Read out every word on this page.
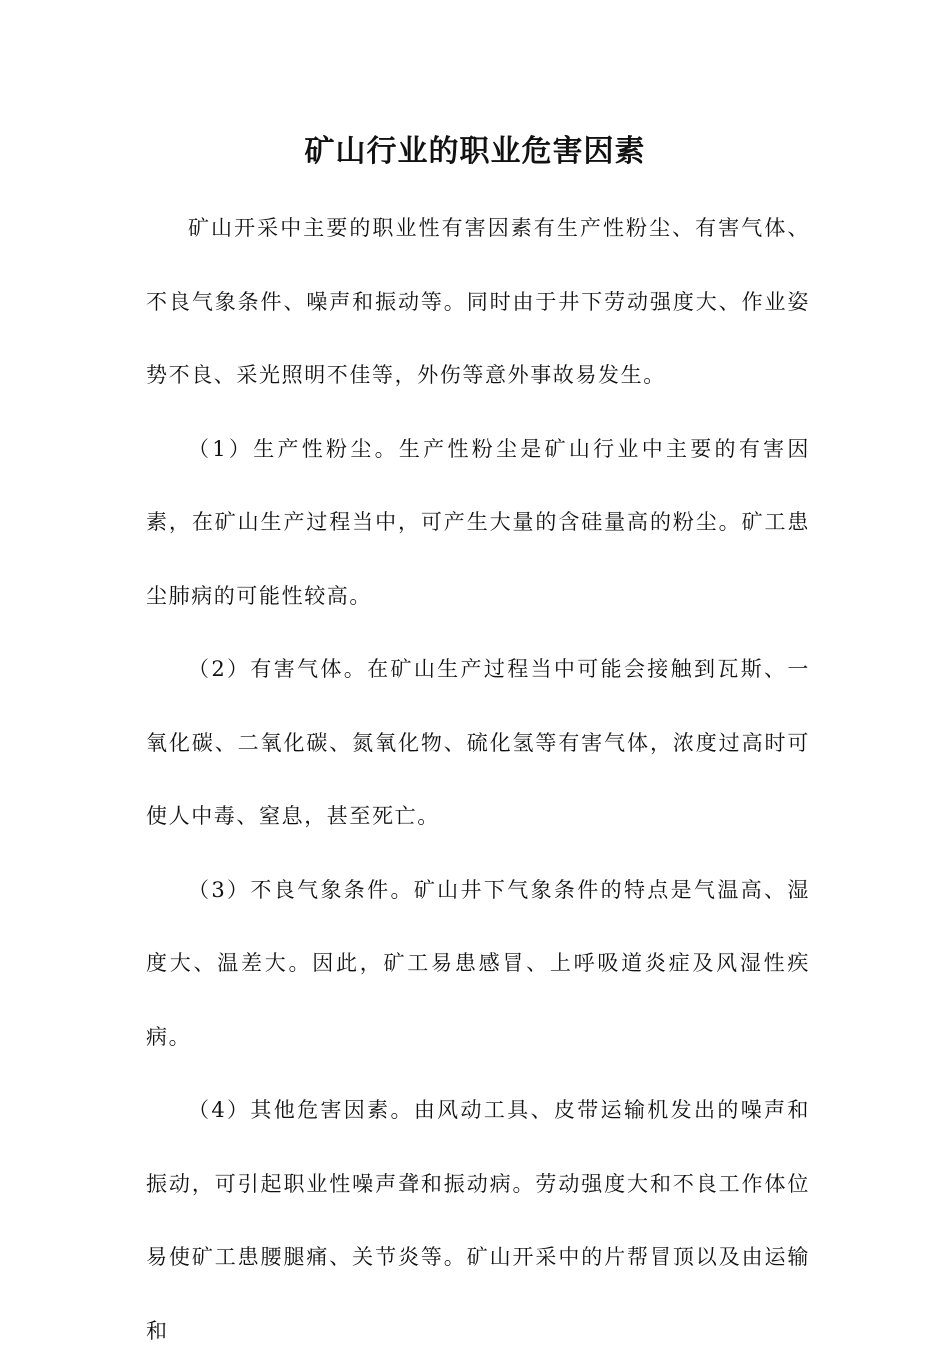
矿山行业的职业危害因素

矿山开采中主要的职业性有害因素有生产性粉尘、有害气体、不良气象条件、噪声和振动等。同时由于井下劳动强度大、作业姿势不良、采光照明不佳等，外伤等意外事故易发生。

（1）生产性粉尘。生产性粉尘是矿山行业中主要的有害因素，在矿山生产过程当中，可产生大量的含硅量高的粉尘。矿工患尘肺病的可能性较高。

（2）有害气体。在矿山生产过程当中可能会接触到瓦斯、一氧化碳、二氧化碳、氮氧化物、硫化氢等有害气体，浓度过高时可使人中毒、窒息，甚至死亡。

（3）不良气象条件。矿山井下气象条件的特点是气温高、湿度大、温差大。因此，矿工易患感冒、上呼吸道炎症及风湿性疾病。

（4）其他危害因素。由风动工具、皮带运输机发出的噪声和振动，可引起职业性噪声聋和振动病。劳动强度大和不良工作体位易使矿工患腰腿痛、关节炎等。矿山开采中的片帮冒顶以及由运输和
